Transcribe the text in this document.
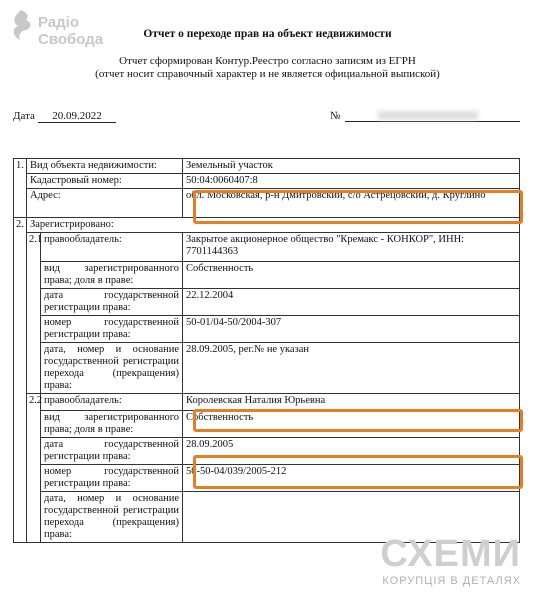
Радіо
Свобода	Отчет о переходе прав на объект недвижимости
Отчет сформирован Контур.Реестро согласно записям из ЕГРН
(отчет носит справочный характер и не является официальной выпиской)
Дата	20.09.2022	№
1.	Вид объекта недвижимости:		Земельный участок
	Кадастровый номер:		50:04:0060407:8
	Адрес:		обл. Московская, р-н Дмитровский, с/о Астрецовский, д. Круглино
2.	Зарегистрировано:		
	2.1	правообладатель:	Закрытое акционерное общество "Кремакс - КОНКОР", ИНН: 7701144363
		вид зарегистрированного права; доля в праве:	Собственность
		дата государственной регистрации права:	22.12.2004
		номер государственной регистрации права:	50-01/04-50/2004-307
		дата, номер и основание государственной регистрации перехода (прекращения) права:	28.09.2005, рег.№ не указан
	2.2	правообладатель:	Королевская Наталия Юрьевна
		вид зарегистрированного права; доля в праве:	Собственность
		дата государственной регистрации права:	28.09.2005
		номер государственной регистрации права:	50-50-04/039/2005-212
		дата, номер и основание государственной регистрации перехода (прекращения) права:		СХЕМИ
КОРУПЦІЯ В ДЕТАЛЯХ
